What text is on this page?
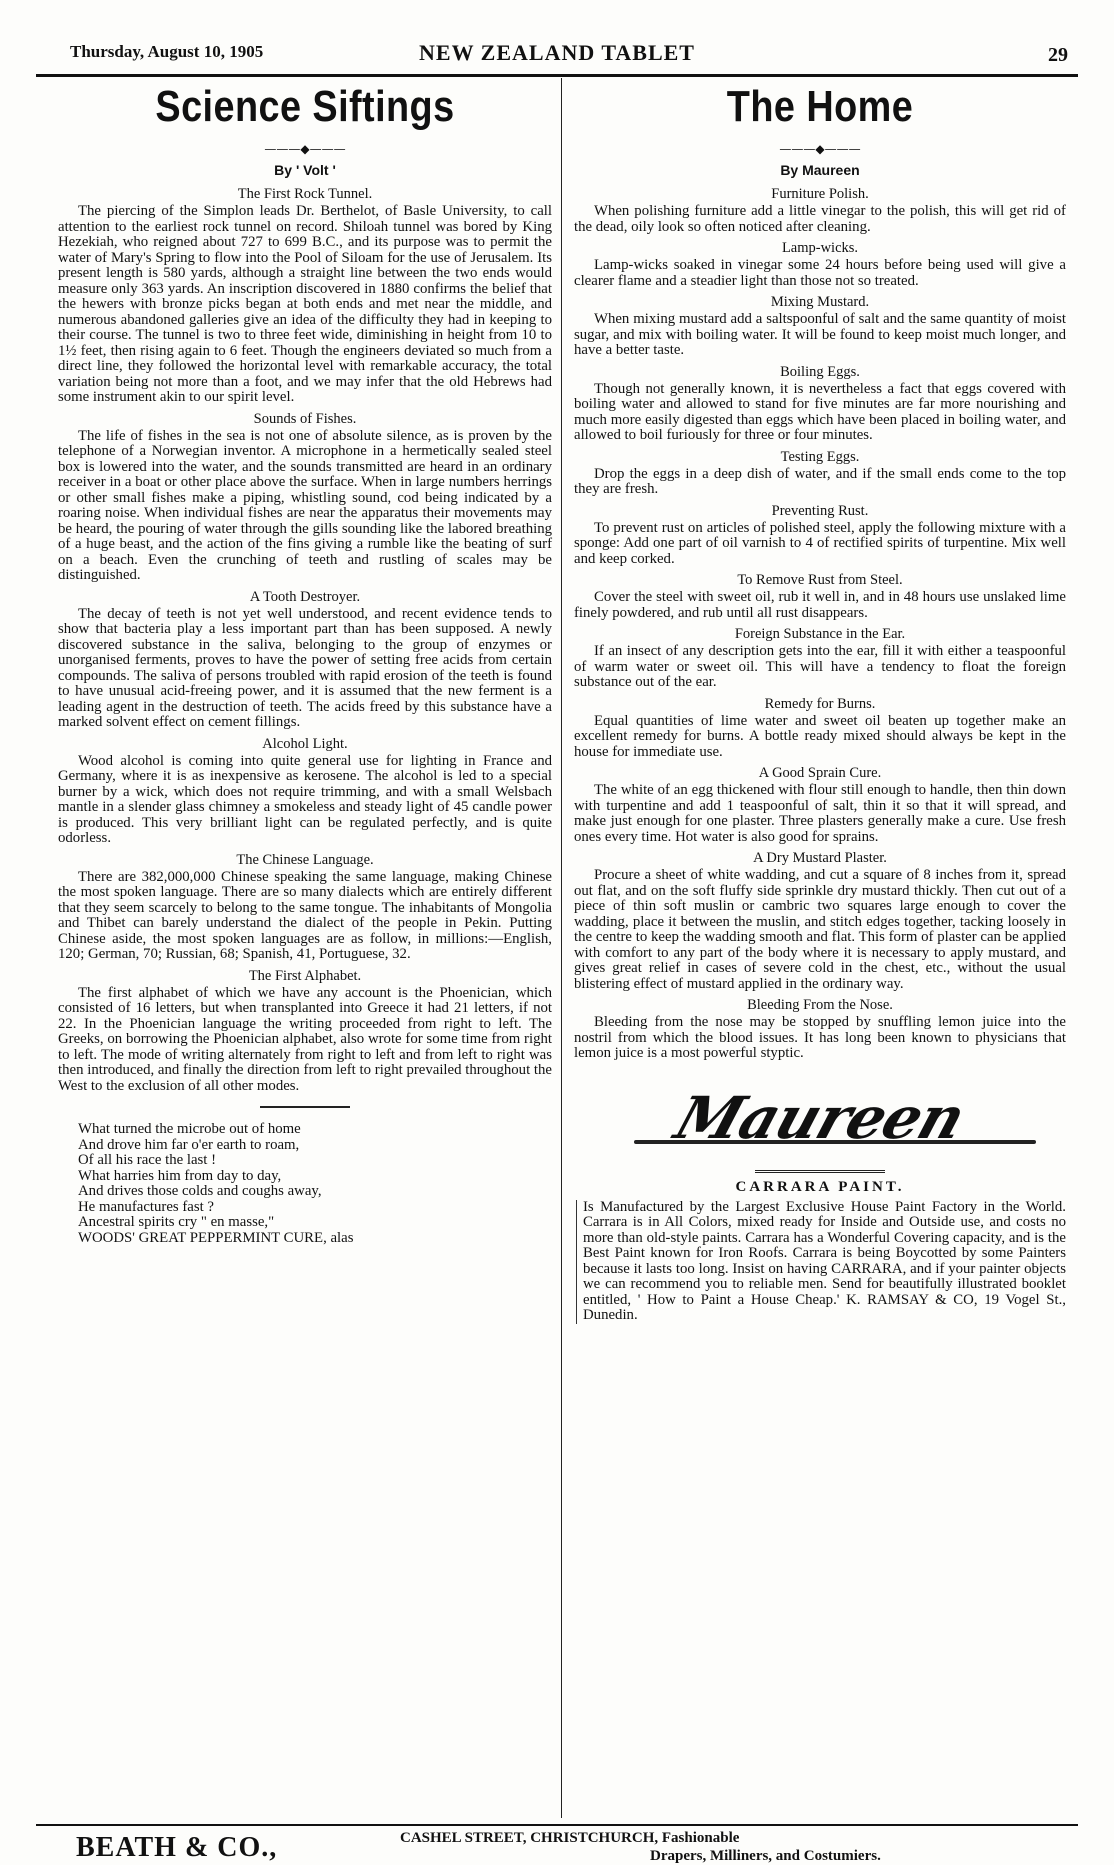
Thursday, August 10, 1905	NEW ZEALAND TABLET	29
Science Siftings
———◆———
By ' Volt '
The First Rock Tunnel.

The piercing of the Simplon leads Dr. Berthelot, of Basle University, to call attention to the earliest rock tunnel on record. Shiloah tunnel was bored by King Hezekiah, who reigned about 727 to 699 B.C., and its purpose was to permit the water of Mary's Spring to flow into the Pool of Siloam for the use of Jerusalem. Its present length is 580 yards, although a straight line between the two ends would measure only 363 yards. An inscription discovered in 1880 confirms the belief that the hewers with bronze picks began at both ends and met near the middle, and numerous abandoned galleries give an idea of the difficulty they had in keeping to their course. The tunnel is two to three feet wide, diminishing in height from 10 to 1½ feet, then rising again to 6 feet. Though the engineers deviated so much from a direct line, they followed the horizontal level with remarkable accuracy, the total variation being not more than a foot, and we may infer that the old Hebrews had some instrument akin to our spirit level.

Sounds of Fishes.

The life of fishes in the sea is not one of absolute silence, as is proven by the telephone of a Norwegian inventor. A microphone in a hermetically sealed steel box is lowered into the water, and the sounds transmitted are heard in an ordinary receiver in a boat or other place above the surface. When in large numbers herrings or other small fishes make a piping, whistling sound, cod being indicated by a roaring noise. When individual fishes are near the apparatus their movements may be heard, the pouring of water through the gills sounding like the labored breathing of a huge beast, and the action of the fins giving a rumble like the beating of surf on a beach. Even the crunching of teeth and rustling of scales may be distinguished.

A Tooth Destroyer.

The decay of teeth is not yet well understood, and recent evidence tends to show that bacteria play a less important part than has been supposed. A newly discovered substance in the saliva, belonging to the group of enzymes or unorganised ferments, proves to have the power of setting free acids from certain compounds. The saliva of persons troubled with rapid erosion of the teeth is found to have unusual acid-freeing power, and it is assumed that the new ferment is a leading agent in the destruction of teeth. The acids freed by this substance have a marked solvent effect on cement fillings.

Alcohol Light.

Wood alcohol is coming into quite general use for lighting in France and Germany, where it is as inexpensive as kerosene. The alcohol is led to a special burner by a wick, which does not require trimming, and with a small Welsbach mantle in a slender glass chimney a smokeless and steady light of 45 candle power is produced. This very brilliant light can be regulated perfectly, and is quite odorless.

The Chinese Language.

There are 382,000,000 Chinese speaking the same language, making Chinese the most spoken language. There are so many dialects which are entirely different that they seem scarcely to belong to the same tongue. The inhabitants of Mongolia and Thibet can barely understand the dialect of the people in Pekin. Putting Chinese aside, the most spoken languages are as follow, in millions:—English, 120; German, 70; Russian, 68; Spanish, 41, Portuguese, 32.

The First Alphabet.

The first alphabet of which we have any account is the Phoenician, which consisted of 16 letters, but when transplanted into Greece it had 21 letters, if not 22. In the Phoenician language the writing proceeded from right to left. The Greeks, on borrowing the Phoenician alphabet, also wrote for some time from right to left. The mode of writing alternately from right to left and from left to right was then introduced, and finally the direction from left to right prevailed throughout the West to the exclusion of all other modes.

What turned the microbe out of home
And drove him far o'er earth to roam,
Of all his race the last !
What harries him from day to day,
And drives those colds and coughs away,
He manufactures fast ?
Ancestral spirits cry " en masse,"
WOODS' GREAT PEPPERMINT CURE, alas
The Home
———◆———
By Maureen
Furniture Polish.

When polishing furniture add a little vinegar to the polish, this will get rid of the dead, oily look so often noticed after cleaning.

Lamp-wicks.

Lamp-wicks soaked in vinegar some 24 hours before being used will give a clearer flame and a steadier light than those not so treated.

Mixing Mustard.

When mixing mustard add a saltspoonful of salt and the same quantity of moist sugar, and mix with boiling water. It will be found to keep moist much longer, and have a better taste.

Boiling Eggs.

Though not generally known, it is nevertheless a fact that eggs covered with boiling water and allowed to stand for five minutes are far more nourishing and much more easily digested than eggs which have been placed in boiling water, and allowed to boil furiously for three or four minutes.

Testing Eggs.

Drop the eggs in a deep dish of water, and if the small ends come to the top they are fresh.

Preventing Rust.

To prevent rust on articles of polished steel, apply the following mixture with a sponge: Add one part of oil varnish to 4 of rectified spirits of turpentine. Mix well and keep corked.

To Remove Rust from Steel.

Cover the steel with sweet oil, rub it well in, and in 48 hours use unslaked lime finely powdered, and rub until all rust disappears.

Foreign Substance in the Ear.

If an insect of any description gets into the ear, fill it with either a teaspoonful of warm water or sweet oil. This will have a tendency to float the foreign substance out of the ear.

Remedy for Burns.

Equal quantities of lime water and sweet oil beaten up together make an excellent remedy for burns. A bottle ready mixed should always be kept in the house for immediate use.

A Good Sprain Cure.

The white of an egg thickened with flour still enough to handle, then thin down with turpentine and add 1 teaspoonful of salt, thin it so that it will spread, and make just enough for one plaster. Three plasters generally make a cure. Use fresh ones every time. Hot water is also good for sprains.

A Dry Mustard Plaster.

Procure a sheet of white wadding, and cut a square of 8 inches from it, spread out flat, and on the soft fluffy side sprinkle dry mustard thickly. Then cut out of a piece of thin soft muslin or cambric two squares large enough to cover the wadding, place it between the muslin, and stitch edges together, tacking loosely in the centre to keep the wadding smooth and flat. This form of plaster can be applied with comfort to any part of the body where it is necessary to apply mustard, and gives great relief in cases of severe cold in the chest, etc., without the usual blistering effect of mustard applied in the ordinary way.

Bleeding From the Nose.

Bleeding from the nose may be stopped by snuffling lemon juice into the nostril from which the blood issues. It has long been known to physicians that lemon juice is a most powerful styptic.

Maureen
CARRARA PAINT.

Is Manufactured by the Largest Exclusive House Paint Factory in the World. Carrara is in All Colors, mixed ready for Inside and Outside use, and costs no more than old-style paints. Carrara has a Wonderful Covering capacity, and is the Best Paint known for Iron Roofs. Carrara is being Boycotted by some Painters because it lasts too long. Insist on having CARRARA, and if your painter objects we can recommend you to reliable men. Send for beautifully illustrated booklet entitled, ' How to Paint a House Cheap.' K. RAMSAY & CO, 19 Vogel St., Dunedin.

BEATH & CO.,	CASHEL STREET, CHRISTCHURCH, Fashionable
Drapers, Milliners, and Costumiers.
